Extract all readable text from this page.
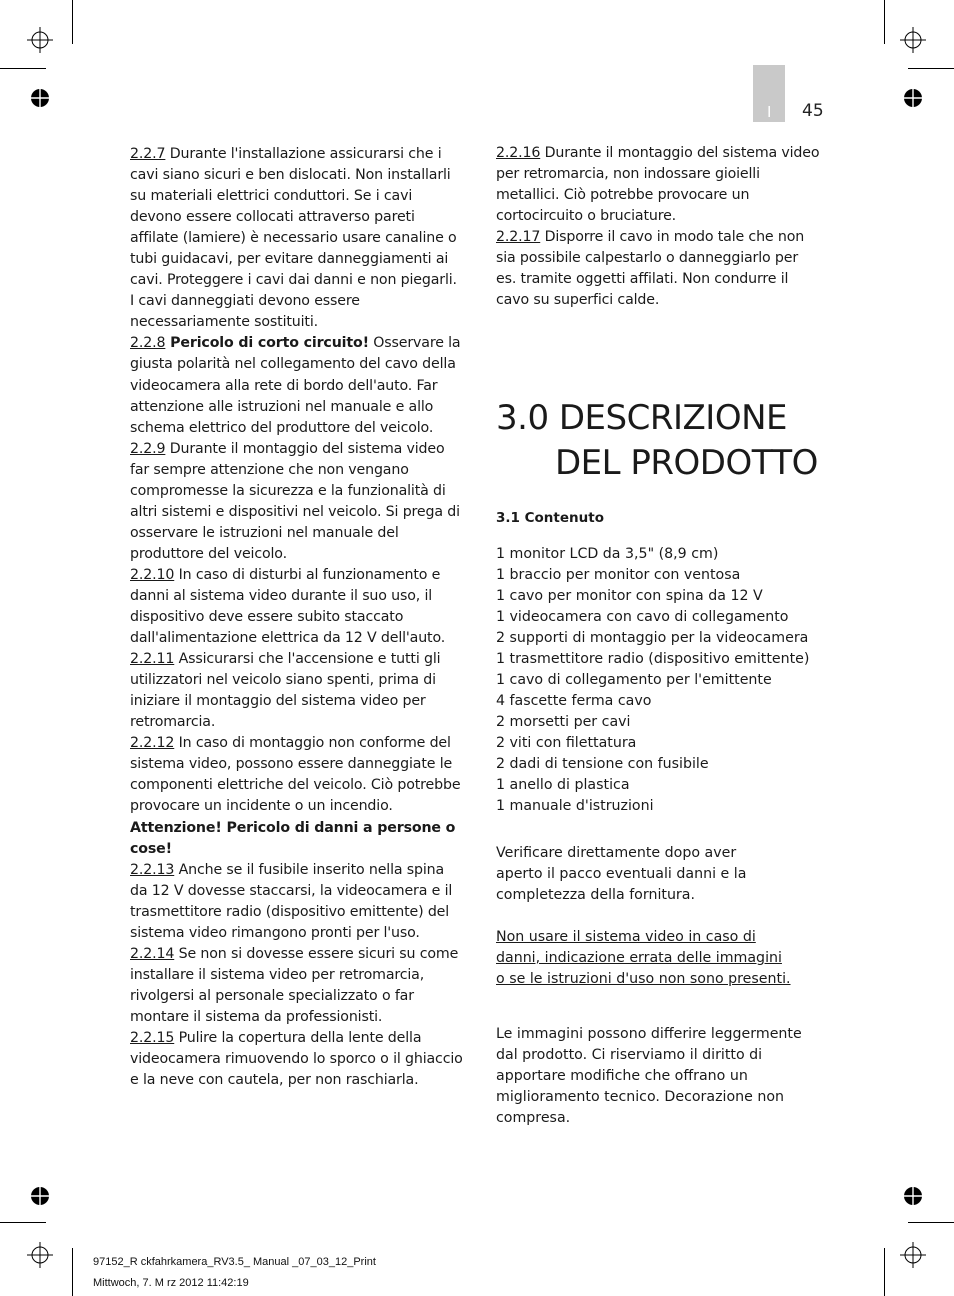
I 45

2.2.7 Durante l'installazione assicurarsi che i cavi siano sicuri e ben dislocati. Non installarli su materiali elettrici conduttori. Se i cavi devono essere collocati attraverso pareti affilate (lamiere) è necessario usare canaline o tubi guidacavi, per evitare danneggiamenti ai cavi. Proteggere i cavi dai danni e non piegarli. I cavi danneggiati devono essere necessariamente sostituiti.

2.2.8 Pericolo di corto circuito! Osservare la giusta polarità nel collegamento del cavo della videocamera alla rete di bordo dell'auto. Far attenzione alle istruzioni nel manuale e allo schema elettrico del produttore del veicolo.

2.2.9 Durante il montaggio del sistema video far sempre attenzione che non vengano compromesse la sicurezza e la funzionalità di altri sistemi e dispositivi nel veicolo. Si prega di osservare le istruzioni nel manuale del produttore del veicolo.

2.2.10 In caso di disturbi al funzionamento e danni al sistema video durante il suo uso, il dispositivo deve essere subito staccato dall'alimentazione elettrica da 12 V dell'auto.

2.2.11 Assicurarsi che l'accensione e tutti gli utilizzatori nel veicolo siano spenti, prima di iniziare il montaggio del sistema video per retromarcia.

2.2.12 In caso di montaggio non conforme del sistema video, possono essere danneggiate le componenti elettriche del veicolo. Ciò potrebbe provocare un incidente o un incendio.

Attenzione! Pericolo di danni a persone o cose!

2.2.13 Anche se il fusibile inserito nella spina da 12 V dovesse staccarsi, la videocamera e il trasmettitore radio (dispositivo emittente) del sistema video rimangono pronti per l'uso.

2.2.14 Se non si dovesse essere sicuri su come installare il sistema video per retromarcia, rivolgersi al personale specializzato o far montare il sistema da professionisti.

2.2.15 Pulire la copertura della lente della videocamera rimuovendo lo sporco o il ghiaccio e la neve con cautela, per non raschiarla.

2.2.16 Durante il montaggio del sistema video per retromarcia, non indossare gioielli metallici. Ciò potrebbe provocare un cortocircuito o bruciature.

2.2.17 Disporre il cavo in modo tale che non sia possibile calpestarlo o danneggiarlo per es. tramite oggetti affilati. Non condurre il cavo su superfici calde.

3.0 DESCRIZIONE
DEL PRODOTTO
3.1 Contenuto
1 monitor LCD da 3,5" (8,9 cm)
1 braccio per monitor con ventosa
1 cavo per monitor con spina da 12 V
1 videocamera con cavo di collegamento
2 supporti di montaggio per la videocamera
1 trasmettitore radio (dispositivo emittente)
1 cavo di collegamento per l'emittente
4 fascette ferma cavo
2 morsetti per cavi
2 viti con filettatura
2 dadi di tensione con fusibile
1 anello di plastica
1 manuale d'istruzioni
Verificare direttamente dopo aver aperto il pacco eventuali danni e la completezza della fornitura.
Non usare il sistema video in caso di danni, indicazione errata delle immagini o se le istruzioni d'uso non sono presenti.
Le immagini possono differire leggermente dal prodotto. Ci riserviamo il diritto di apportare modifiche che offrano un miglioramento tecnico. Decorazione non compresa.
97152_R ckfahrkamera_RV3.5_ Manual _07_03_12_Print
Mittwoch, 7. M rz 2012 11:42:19
